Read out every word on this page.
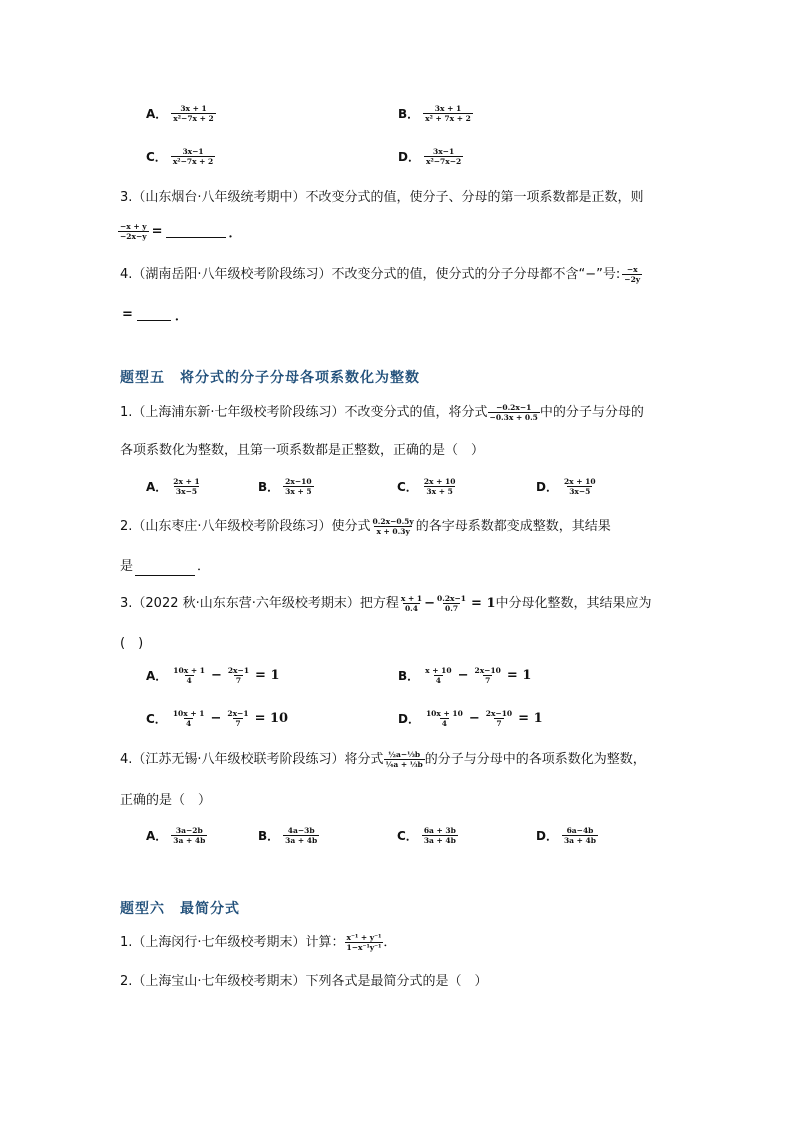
A． $\frac{3x + 1}{\text{x²−7x + 2}}$	B． $\frac{3x + 1}{\text{x² + 7x + 2}}$
C． $\frac{3x-1}{\text{x²−7x + 2}}$	D． $\frac{3x-1}{\text{x²−7x−2}}$
3.（山东烟台·八年级统考期中）不改变分式的值，使分子、分母的第一项系数都是正数，则
$\frac{-x + y}{-2x-y}$ =	．
4.（湖南岳阳·八年级校考阶段练习）不改变分式的值，使分式的分子分母都不含“−”号: $\frac{-x}{-2y}$
=	．
题型五　将分式的分子分母各项系数化为整数
1.（上海浦东新·七年级校考阶段练习）不改变分式的值，将分式 $\frac{-0.2x-1}{-0.3x + 0.5}$ 中的分子与分母的
各项系数化为整数，且第一项系数都是正整数，正确的是（　）
A． $\frac{2x + 1}{3x-5}$	B． $\frac{2x-10}{3x + 5}$	C． $\frac{2x + 10}{3x + 5}$	D． $\frac{2x + 10}{3x-5}$
2.（山东枣庄·八年级校考阶段练习）使分式 $\frac{0.2x-0.5y}{x + 0.3y}$ 的各字母系数都变成整数，其结果
是	．
3.（2022 秋·山东东营·六年级校考期末）把方程 $\frac{x + 1}{0.4} - \frac{0.2x-1}{0.7} = 1$ 中分母化整数，其结果应为
(　)
A． $\frac{10x + 1}{4} - \frac{2x-1}{7} = 1$	B． $\frac{x + 10}{4} - \frac{2x-10}{7} = 1$
C． $\frac{10x + 1}{4} - \frac{2x-1}{7} = 10$	D． $\frac{10x + 10}{4} - \frac{2x-10}{7} = 1$
4.（江苏无锡·八年级校联考阶段练习）将分式 $\frac{\text{½a−⅓b}}{\text{¼a + ⅓b}}$ 的分子与分母中的各项系数化为整数，
正确的是（　）
A． $\frac{3a-2b}{3a + 4b}$	B． $\frac{4a-3b}{3a + 4b}$	C． $\frac{6a + 3b}{3a + 4b}$	D． $\frac{6a-4b}{3a + 4b}$
题型六　最简分式
1.（上海闵行·七年级校考期末）计算： $\frac{\text{x⁻¹ + y⁻¹}}{\text{1−x⁻¹y⁻¹}}$ ．
2.（上海宝山·七年级校考期末）下列各式是最简分式的是（　）
